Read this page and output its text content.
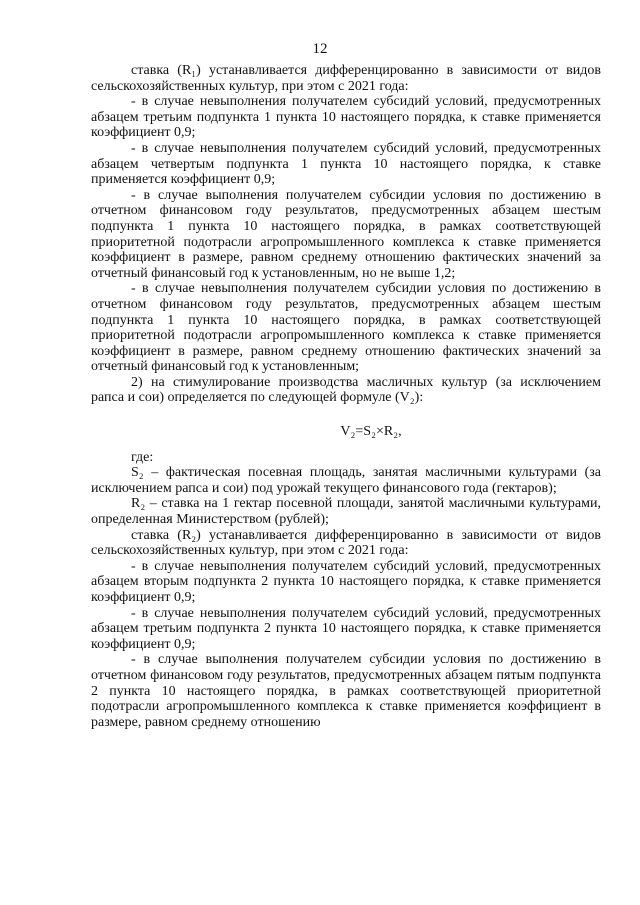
12

ставка (R₁) устанавливается дифференцированно в зависимости от видов сельскохозяйственных культур, при этом с 2021 года:

- в случае невыполнения получателем субсидий условий, предусмотренных абзацем третьим подпункта 1 пункта 10 настоящего порядка, к ставке применяется коэффициент 0,9;

- в случае невыполнения получателем субсидий условий, предусмотренных абзацем четвертым подпункта 1 пункта 10 настоящего порядка, к ставке применяется коэффициент 0,9;

- в случае выполнения получателем субсидии условия по достижению в отчетном финансовом году результатов, предусмотренных абзацем шестым подпункта 1 пункта 10 настоящего порядка, в рамках соответствующей приоритетной подотрасли агропромышленного комплекса к ставке применяется коэффициент в размере, равном среднему отношению фактических значений за отчетный финансовый год к установленным, но не выше 1,2;

- в случае невыполнения получателем субсидии условия по достижению в отчетном финансовом году результатов, предусмотренных абзацем шестым подпункта 1 пункта 10 настоящего порядка, в рамках соответствующей приоритетной подотрасли агропромышленного комплекса к ставке применяется коэффициент в размере, равном среднему отношению фактических значений за отчетный финансовый год к установленным;

2) на стимулирование производства масличных культур (за исключением рапса и сои) определяется по следующей формуле (V₂):

V₂=S₂×R₂,

где:

S₂ – фактическая посевная площадь, занятая масличными культурами (за исключением рапса и сои) под урожай текущего финансового года (гектаров);

R₂ – ставка на 1 гектар посевной площади, занятой масличными культурами, определенная Министерством (рублей);

ставка (R₂) устанавливается дифференцированно в зависимости от видов сельскохозяйственных культур, при этом с 2021 года:

- в случае невыполнения получателем субсидий условий, предусмотренных абзацем вторым подпункта 2 пункта 10 настоящего порядка, к ставке применяется коэффициент 0,9;

- в случае невыполнения получателем субсидий условий, предусмотренных абзацем третьим подпункта 2 пункта 10 настоящего порядка, к ставке применяется коэффициент 0,9;

- в случае выполнения получателем субсидии условия по достижению в отчетном финансовом году результатов, предусмотренных абзацем пятым подпункта 2 пункта 10 настоящего порядка, в рамках соответствующей приоритетной подотрасли агропромышленного комплекса к ставке применяется коэффициент в размере, равном среднему отношению
